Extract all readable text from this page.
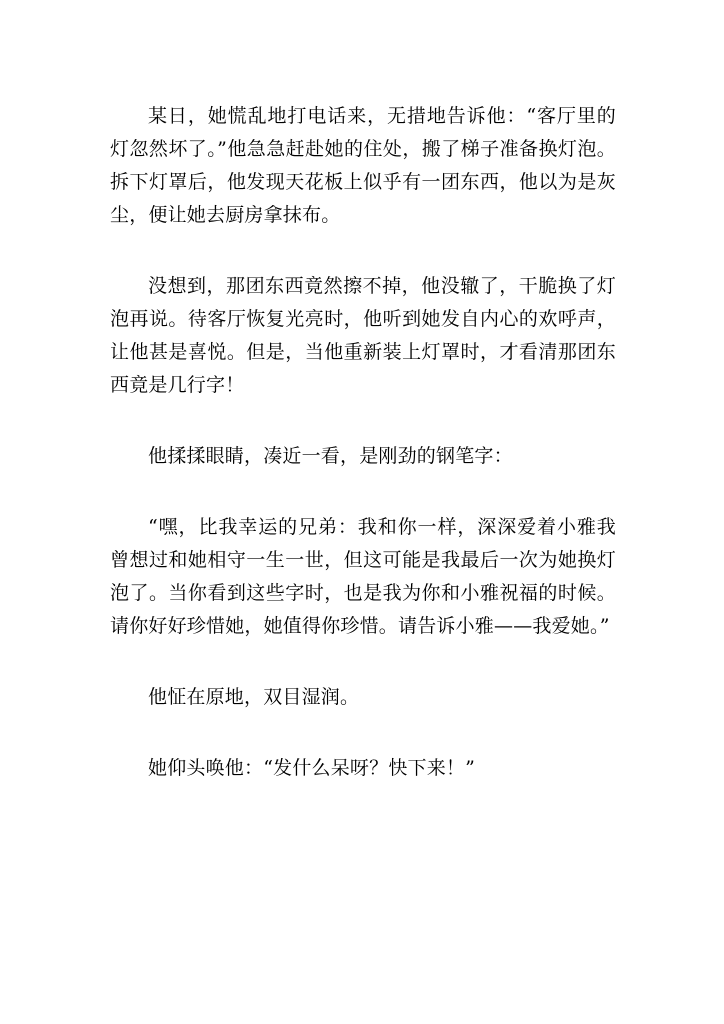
某日，她慌乱地打电话来，无措地告诉他：“客厅里的灯忽然坏了。”他急急赶赴她的住处，搬了梯子准备换灯泡。拆下灯罩后，他发现天花板上似乎有一团东西，他以为是灰尘，便让她去厨房拿抹布。

没想到，那团东西竟然擦不掉，他没辙了，干脆换了灯泡再说。待客厅恢复光亮时，他听到她发自内心的欢呼声，让他甚是喜悦。但是，当他重新装上灯罩时，才看清那团东西竟是几行字！

他揉揉眼睛，凑近一看，是刚劲的钢笔字：

“嘿，比我幸运的兄弟：我和你一样，深深爱着小雅我曾想过和她相守一生一世，但这可能是我最后一次为她换灯泡了。当你看到这些字时，也是我为你和小雅祝福的时候。请你好好珍惜她，她值得你珍惜。请告诉小雅——我爱她。”

他怔在原地，双目湿润。

她仰头唤他：“发什么呆呀？快下来！”
